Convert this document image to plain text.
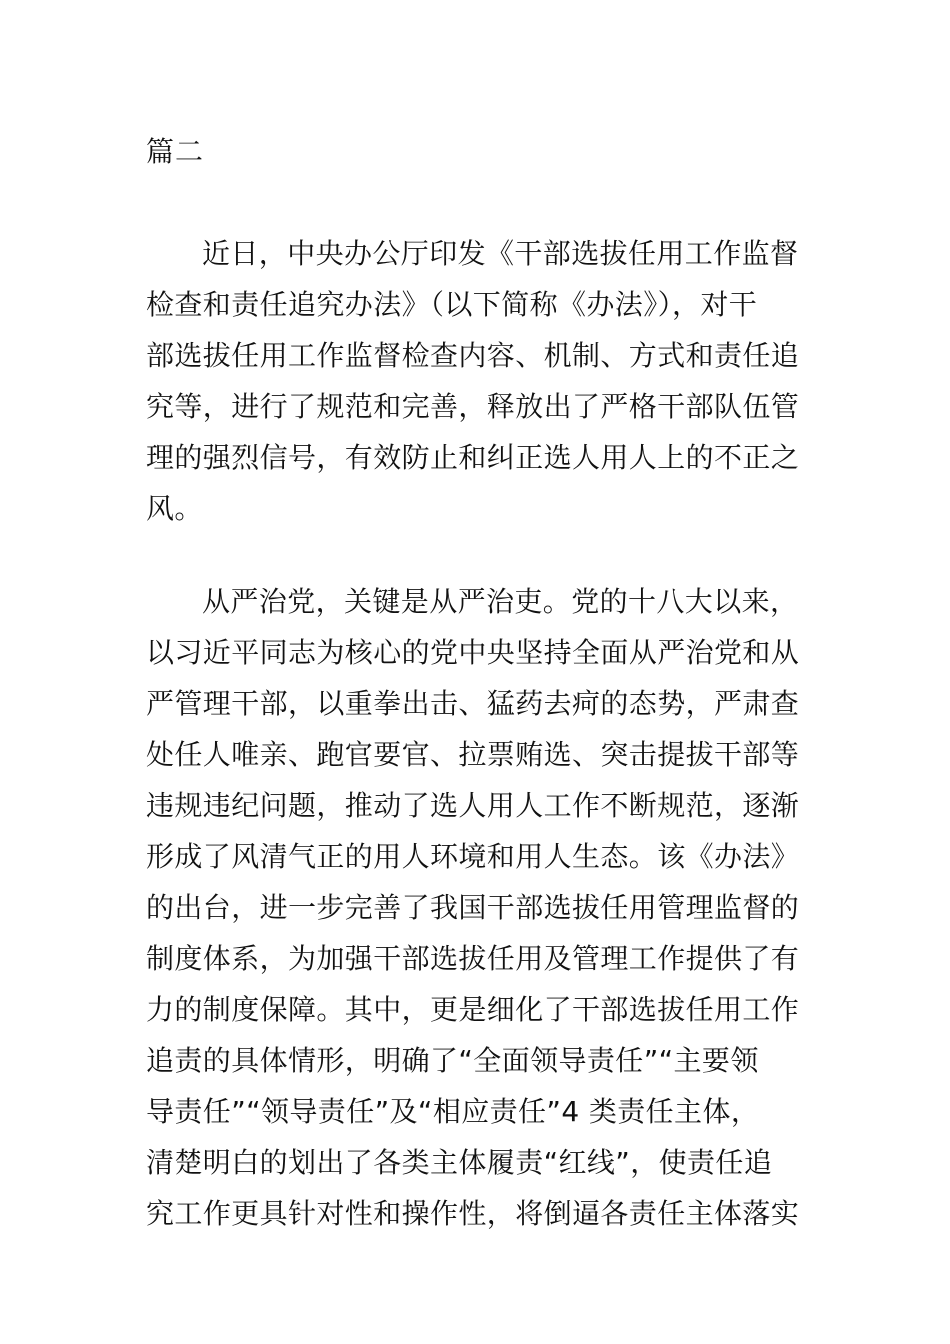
篇二
近日，中央办公厅印发《干部选拔任用工作监督
检查和责任追究办法》（以下简称《办法》），对干
部选拔任用工作监督检查内容、机制、方式和责任追
究等，进行了规范和完善，释放出了严格干部队伍管
理的强烈信号，有效防止和纠正选人用人上的不正之
风。
从严治党，关键是从严治吏。党的十八大以来，
以习近平同志为核心的党中央坚持全面从严治党和从
严管理干部，以重拳出击、猛药去疴的态势，严肃查
处任人唯亲、跑官要官、拉票贿选、突击提拔干部等
违规违纪问题，推动了选人用人工作不断规范，逐渐
形成了风清气正的用人环境和用人生态。该《办法》
的出台，进一步完善了我国干部选拔任用管理监督的
制度体系，为加强干部选拔任用及管理工作提供了有
力的制度保障。其中，更是细化了干部选拔任用工作
追责的具体情形，明确了“全面领导责任”“主要领
导责任”“领导责任”及“相应责任”4 类责任主体，
清楚明白的划出了各类主体履责“红线”，使责任追
究工作更具针对性和操作性，将倒逼各责任主体落实
